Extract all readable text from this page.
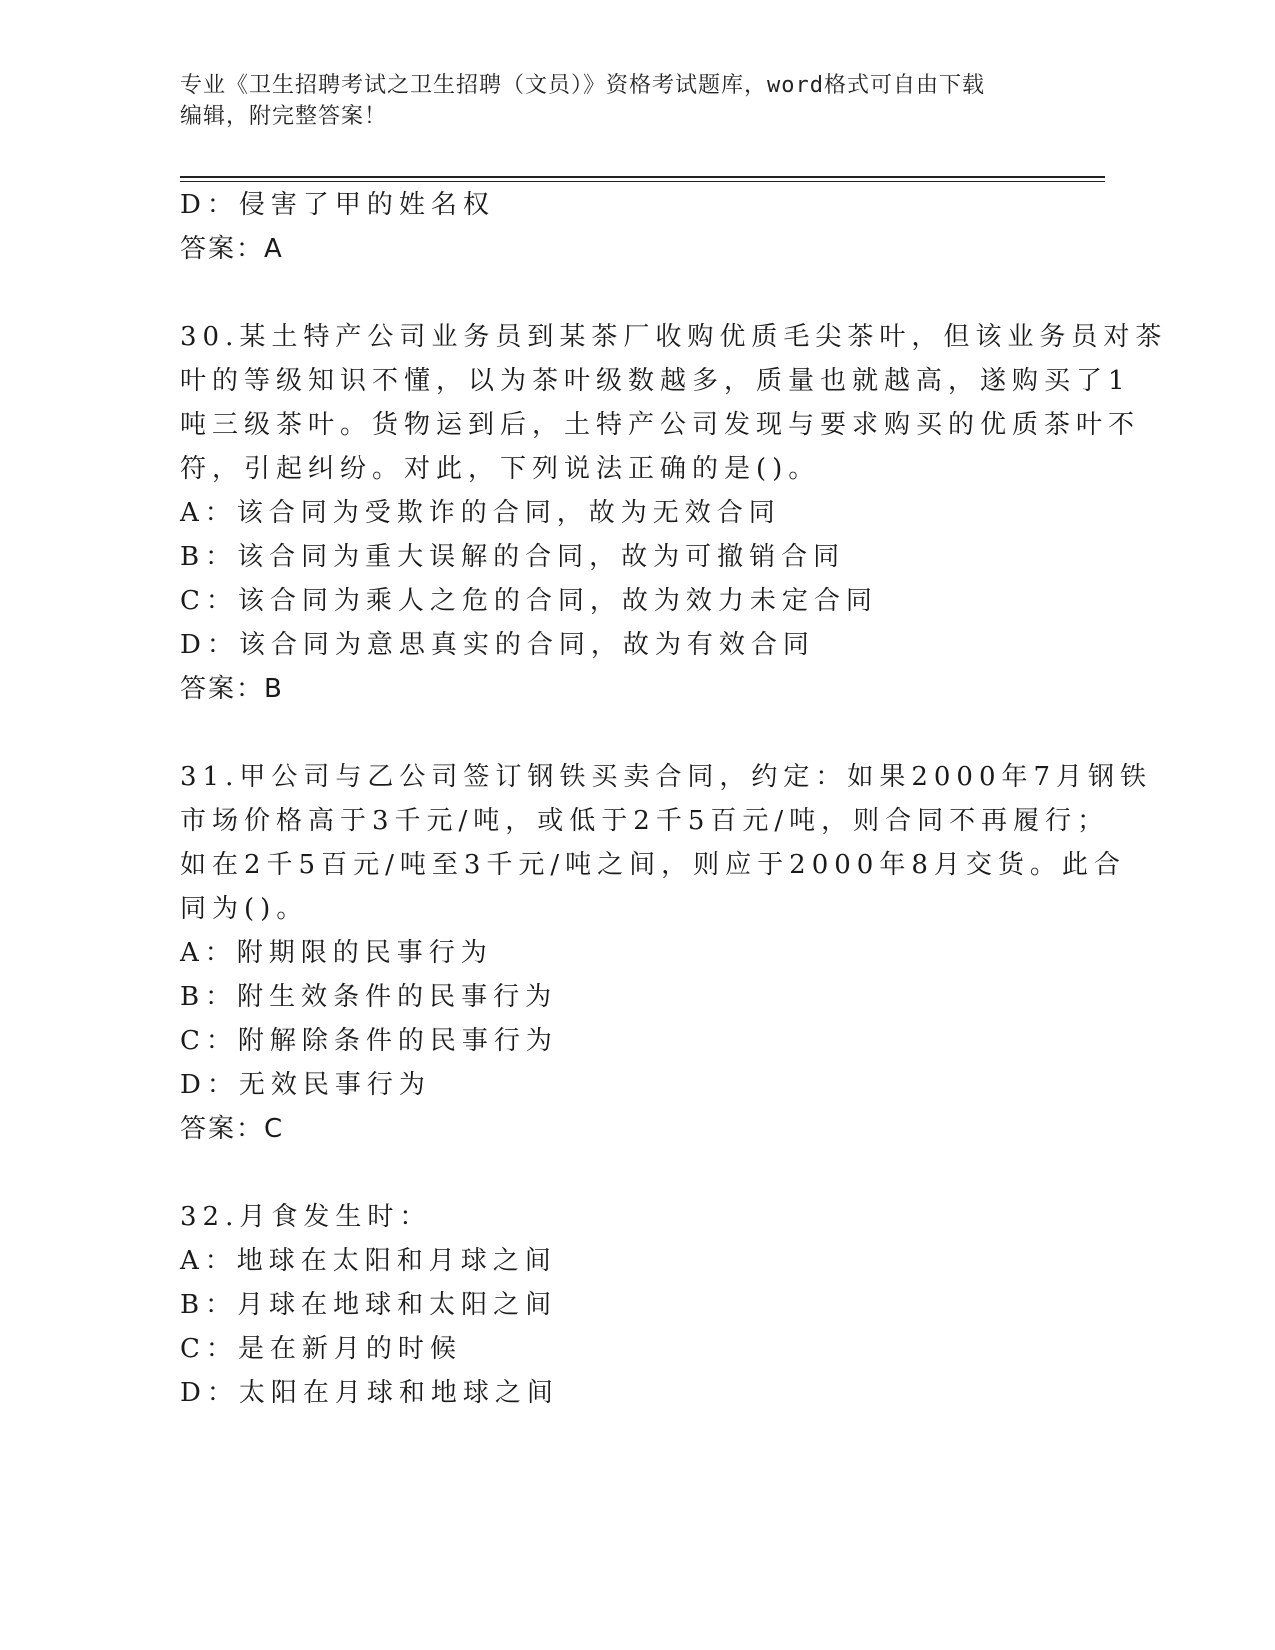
专业《卫生招聘考试之卫生招聘（文员）》资格考试题库，word格式可自由下载
编辑，附完整答案！
D：侵害了甲的姓名权
答案：A
30.某土特产公司业务员到某茶厂收购优质毛尖茶叶，但该业务员对茶
叶的等级知识不懂，以为茶叶级数越多，质量也就越高，遂购买了1
吨三级茶叶。货物运到后，土特产公司发现与要求购买的优质茶叶不
符，引起纠纷。对此，下列说法正确的是()。
A：该合同为受欺诈的合同，故为无效合同
B：该合同为重大误解的合同，故为可撤销合同
C：该合同为乘人之危的合同，故为效力未定合同
D：该合同为意思真实的合同，故为有效合同
答案：B
31.甲公司与乙公司签订钢铁买卖合同，约定：如果2000年7月钢铁
市场价格高于3千元/吨，或低于2千5百元/吨，则合同不再履行；
如在2千5百元/吨至3千元/吨之间，则应于2000年8月交货。此合
同为()。
A：附期限的民事行为
B：附生效条件的民事行为
C：附解除条件的民事行为
D：无效民事行为
答案：C
32.月食发生时：
A：地球在太阳和月球之间
B：月球在地球和太阳之间
C：是在新月的时候
D：太阳在月球和地球之间
